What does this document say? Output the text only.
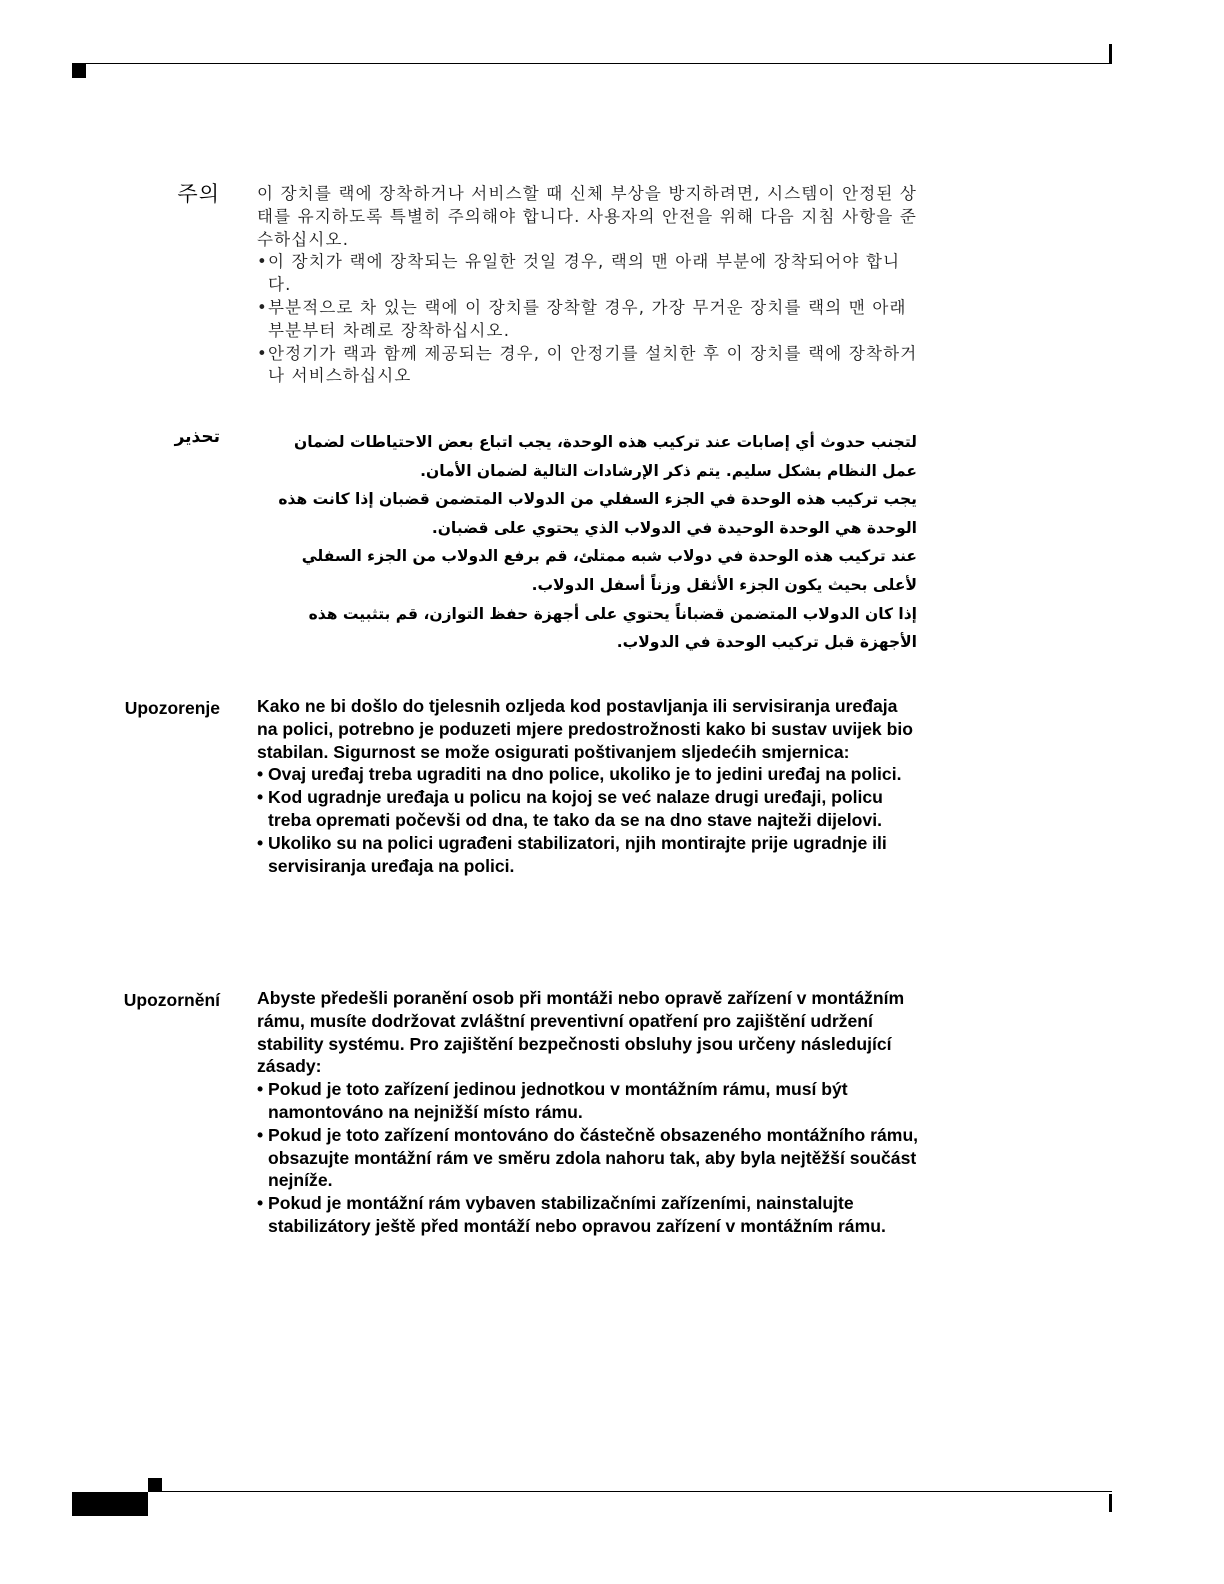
주의 이 장치를 랙에 장착하거나 서비스할 때 신체 부상을 방지하려면, 시스템이 안정된 상태를 유지하도록 특별히 주의해야 합니다. 사용자의 안전을 위해 다음 지침 사항을 준수하십시오.

• 이 장치가 랙에 장착되는 유일한 것일 경우, 랙의 맨 아래 부분에 장착되어야 합니다.
• 부분적으로 차 있는 랙에 이 장치를 장착할 경우, 가장 무거운 장치를 랙의 맨 아래 부분부터 차례로 장착하십시오.
• 안정기가 랙과 함께 제공되는 경우, 이 안정기를 설치한 후 이 장치를 랙에 장착하거나 서비스하십시오
تحذير	لتجنب حدوث أي إصابات عند تركيب هذه الوحدة، يجب اتباع بعض الاحتياطات لضمان عمل النظام بشكل سليم. يتم ذكر الإرشادات التالية لضمان الأمان.

يجب تركيب هذه الوحدة في الجزء السفلي من الدولاب المتضمن قضبان إذا كانت هذه الوحدة هي الوحدة الوحيدة في الدولاب الذي يحتوي على قضبان.
عند تركيب هذه الوحدة في دولاب شبه ممتلئ، قم برفع الدولاب من الجزء السفلي لأعلى بحيث يكون الجزء الأثقل وزناً أسفل الدولاب.
إذا كان الدولاب المتضمن قضباناً يحتوي على أجهزة حفظ التوازن، قم بتثبيت هذه الأجهزة قبل تركيب الوحدة في الدولاب.
Upozorenje Kako ne bi došlo do tjelesnih ozljeda kod postavljanja ili servisiranja uređaja na polici, potrebno je poduzeti mjere predostrožnosti kako bi sustav uvijek bio stabilan. Sigurnost se može osigurati poštivanjem sljedećih smjernica:

• Ovaj uređaj treba ugraditi na dno police, ukoliko je to jedini uređaj na polici.
• Kod ugradnje uređaja u policu na kojoj se već nalaze drugi uređaji, policu treba opremati počevši od dna, te tako da se na dno stave najteži dijelovi.
• Ukoliko su na polici ugrađeni stabilizatori, njih montirajte prije ugradnje ili servisiranja uređaja na polici.
Upozornění Abyste předešli poranění osob při montáži nebo opravě zařízení v montážním rámu, musíte dodržovat zvláštní preventivní opatření pro zajištění udržení stability systému. Pro zajištění bezpečnosti obsluhy jsou určeny následující zásady:

• Pokud je toto zařízení jedinou jednotkou v montážním rámu, musí být namontováno na nejnižší místo rámu.
• Pokud je toto zařízení montováno do částečně obsazeného montážního rámu, obsazujte montážní rám ve směru zdola nahoru tak, aby byla nejtěžší součást nejníže.
• Pokud je montážní rám vybaven stabilizačními zařízeními, nainstalujte stabilizátory ještě před montáží nebo opravou zařízení v montážním rámu.
